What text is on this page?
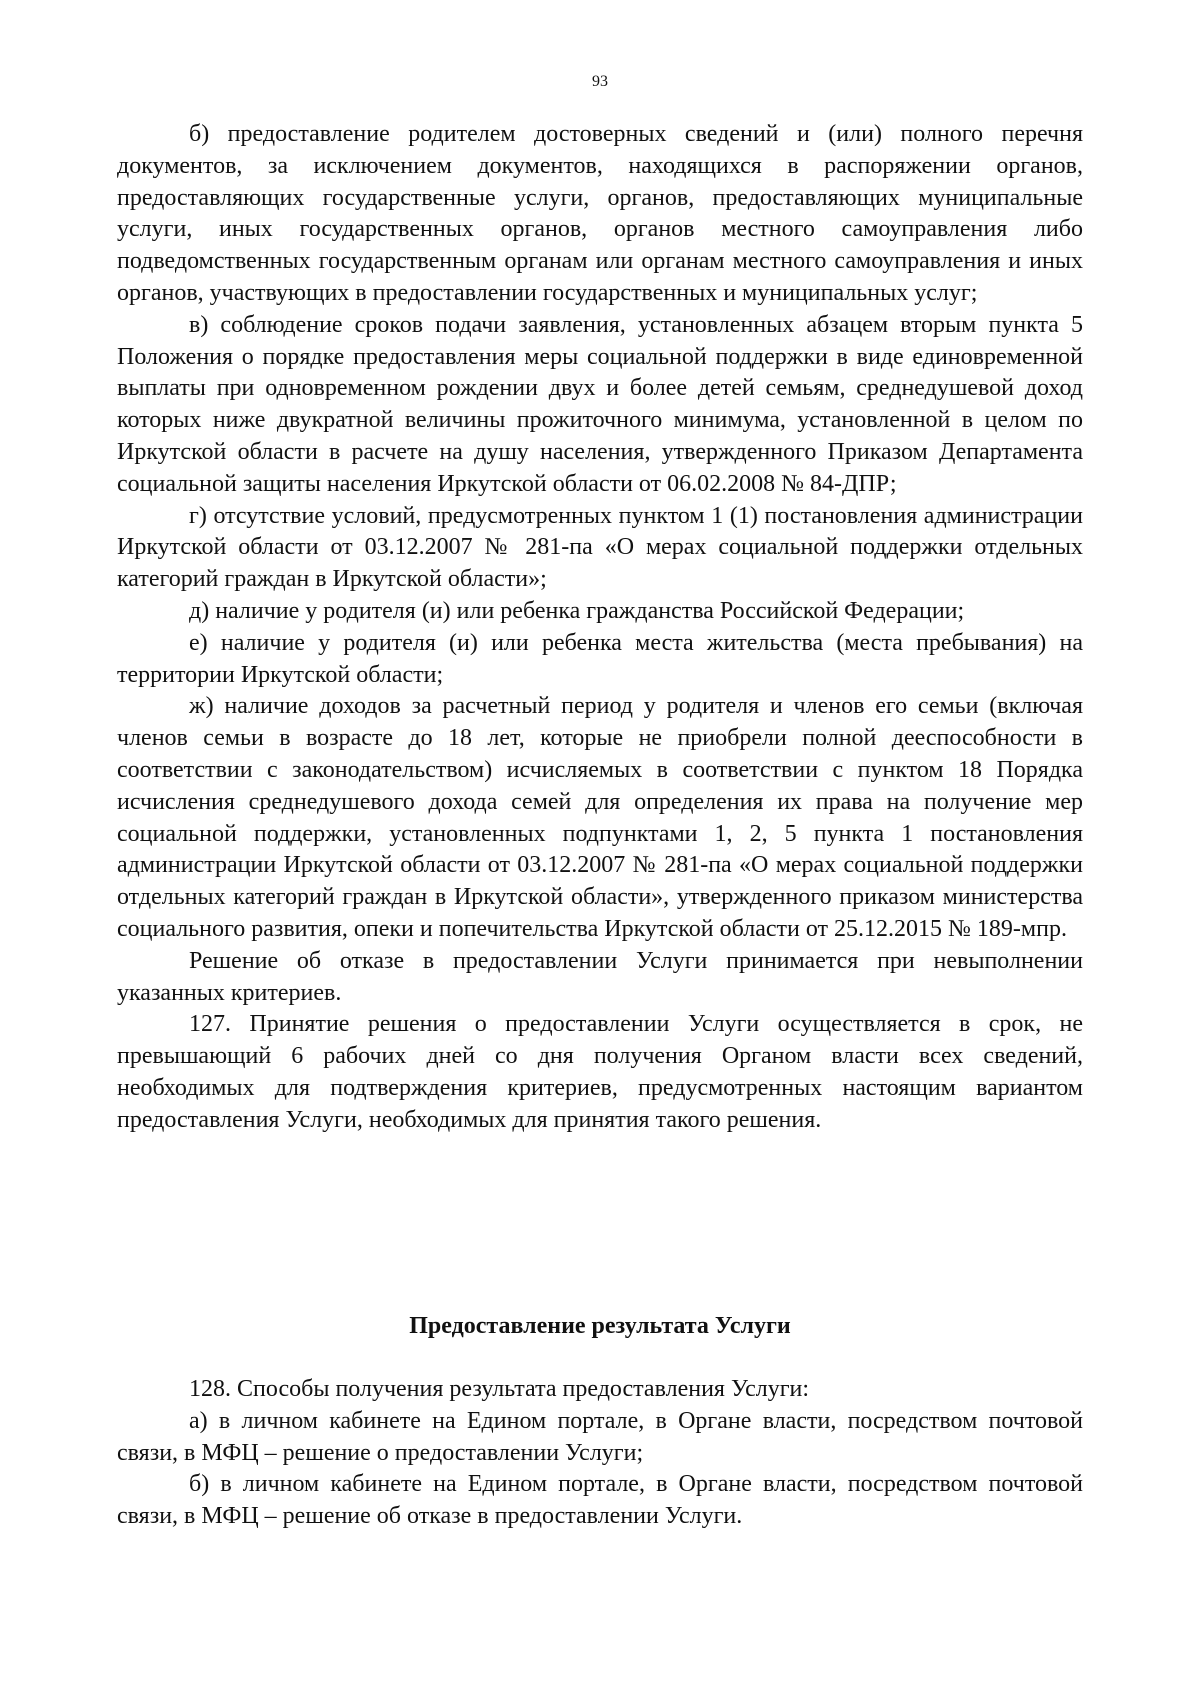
93

б) предоставление родителем достоверных сведений и (или) полного перечня документов, за исключением документов, находящихся в распоряжении органов, предоставляющих государственные услуги, органов, предоставляющих муниципальные услуги, иных государственных органов, органов местного самоуправления либо подведомственных государственным органам или органам местного самоуправления и иных органов, участвующих в предоставлении государственных и муниципальных услуг;

в) соблюдение сроков подачи заявления, установленных абзацем вторым пункта 5 Положения о порядке предоставления меры социальной поддержки в виде единовременной выплаты при одновременном рождении двух и более детей семьям, среднедушевой доход которых ниже двукратной величины прожиточного минимума, установленной в целом по Иркутской области в расчете на душу населения, утвержденного Приказом Департамента социальной защиты населения Иркутской области от 06.02.2008 № 84-ДПР;

г) отсутствие условий, предусмотренных пунктом 1 (1) постановления администрации Иркутской области от 03.12.2007 № 281-па «О мерах социальной поддержки отдельных категорий граждан в Иркутской области»;

д) наличие у родителя (и) или ребенка гражданства Российской Федерации;

е) наличие у родителя (и) или ребенка места жительства (места пребывания) на территории Иркутской области;

ж) наличие доходов за расчетный период у родителя и членов его семьи (включая членов семьи в возрасте до 18 лет, которые не приобрели полной дееспособности в соответствии с законодательством) исчисляемых в соответствии с пунктом 18 Порядка исчисления среднедушевого дохода семей для определения их права на получение мер социальной поддержки, установленных подпунктами 1, 2, 5 пункта 1 постановления администрации Иркутской области от 03.12.2007 № 281-па «О мерах социальной поддержки отдельных категорий граждан в Иркутской области», утвержденного приказом министерства социального развития, опеки и попечительства Иркутской области от 25.12.2015 № 189-мпр.

Решение об отказе в предоставлении Услуги принимается при невыполнении указанных критериев.

127. Принятие решения о предоставлении Услуги осуществляется в срок, не превышающий 6 рабочих дней со дня получения Органом власти всех сведений, необходимых для подтверждения критериев, предусмотренных настоящим вариантом предоставления Услуги, необходимых для принятия такого решения.

Предоставление результата Услуги

128. Способы получения результата предоставления Услуги:

а) в личном кабинете на Едином портале, в Органе власти, посредством почтовой связи, в МФЦ – решение о предоставлении Услуги;

б) в личном кабинете на Едином портале, в Органе власти, посредством почтовой связи, в МФЦ – решение об отказе в предоставлении Услуги.
